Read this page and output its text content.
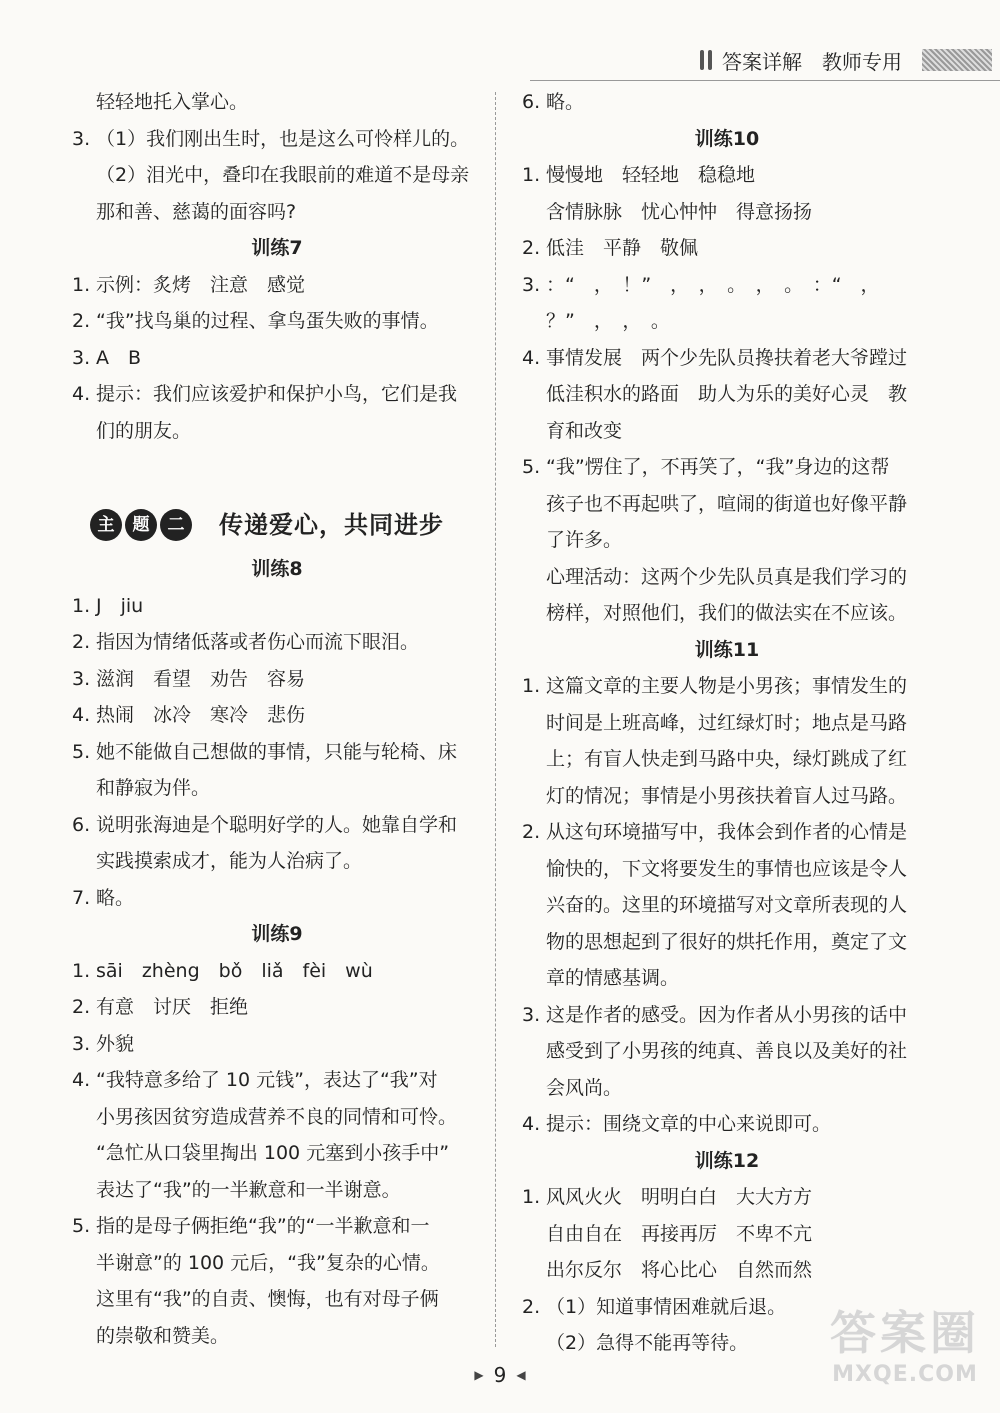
答案详解　教师专用
轻轻地托入掌心。
3. （1）我们刚出生时，也是这么可怜样儿的。
（2）泪光中，叠印在我眼前的难道不是母亲
那和善、慈蔼的面容吗?
训练7
1. 示例：炙烤　注意　感觉
2. “我”找鸟巢的过程、拿鸟蛋失败的事情。
3. A　B
4. 提示：我们应该爱护和保护小鸟，它们是我
们的朋友。
主	题	二	传递爱心，共同进步
训练8
1. J　jiu
2. 指因为情绪低落或者伤心而流下眼泪。
3. 滋润　看望　劝告　容易
4. 热闹　冰冷　寒冷　悲伤
5. 她不能做自己想做的事情，只能与轮椅、床
和静寂为伴。
6. 说明张海迪是个聪明好学的人。她靠自学和
实践摸索成才，能为人治病了。
7. 略。
训练9
1. sāi　zhèng　bǒ　liǎ　fèi　wù
2. 有意　讨厌　拒绝
3. 外貌
4. “我特意多给了 10 元钱”，表达了“我”对
小男孩因贫穷造成营养不良的同情和可怜。
“急忙从口袋里掏出 100 元塞到小孩手中”
表达了“我”的一半歉意和一半谢意。
5. 指的是母子俩拒绝“我”的“一半歉意和一
半谢意”的 100 元后，“我”复杂的心情。
这里有“我”的自责、懊悔，也有对母子俩
的崇敬和赞美。
6. 略。
训练10
1. 慢慢地　轻轻地　稳稳地
含情脉脉　忧心忡忡　得意扬扬
2. 低洼　平静　敬佩
3. ：“　，　！”　，　，　。　，　。　：“　，
？”　，　，　。
4. 事情发展　两个少先队员搀扶着老大爷蹚过
低洼积水的路面　助人为乐的美好心灵　教
育和改变
5. “我”愣住了，不再笑了，“我”身边的这帮
孩子也不再起哄了，喧闹的街道也好像平静
了许多。
心理活动：这两个少先队员真是我们学习的
榜样，对照他们，我们的做法实在不应该。
训练11
1. 这篇文章的主要人物是小男孩；事情发生的
时间是上班高峰，过红绿灯时；地点是马路
上；有盲人快走到马路中央，绿灯跳成了红
灯的情况；事情是小男孩扶着盲人过马路。
2. 从这句环境描写中，我体会到作者的心情是
愉快的，下文将要发生的事情也应该是令人
兴奋的。这里的环境描写对文章所表现的人
物的思想起到了很好的烘托作用，奠定了文
章的情感基调。
3. 这是作者的感受。因为作者从小男孩的话中
感受到了小男孩的纯真、善良以及美好的社
会风尚。
4. 提示：围绕文章的中心来说即可。
训练12
1. 风风火火　明明白白　大大方方
自由自在　再接再厉　不卑不亢
出尔反尔　将心比心　自然而然
2. （1）知道事情困难就后退。
（2）急得不能再等待。
▶ 9 ◀
答案圈
MXQE.COM
